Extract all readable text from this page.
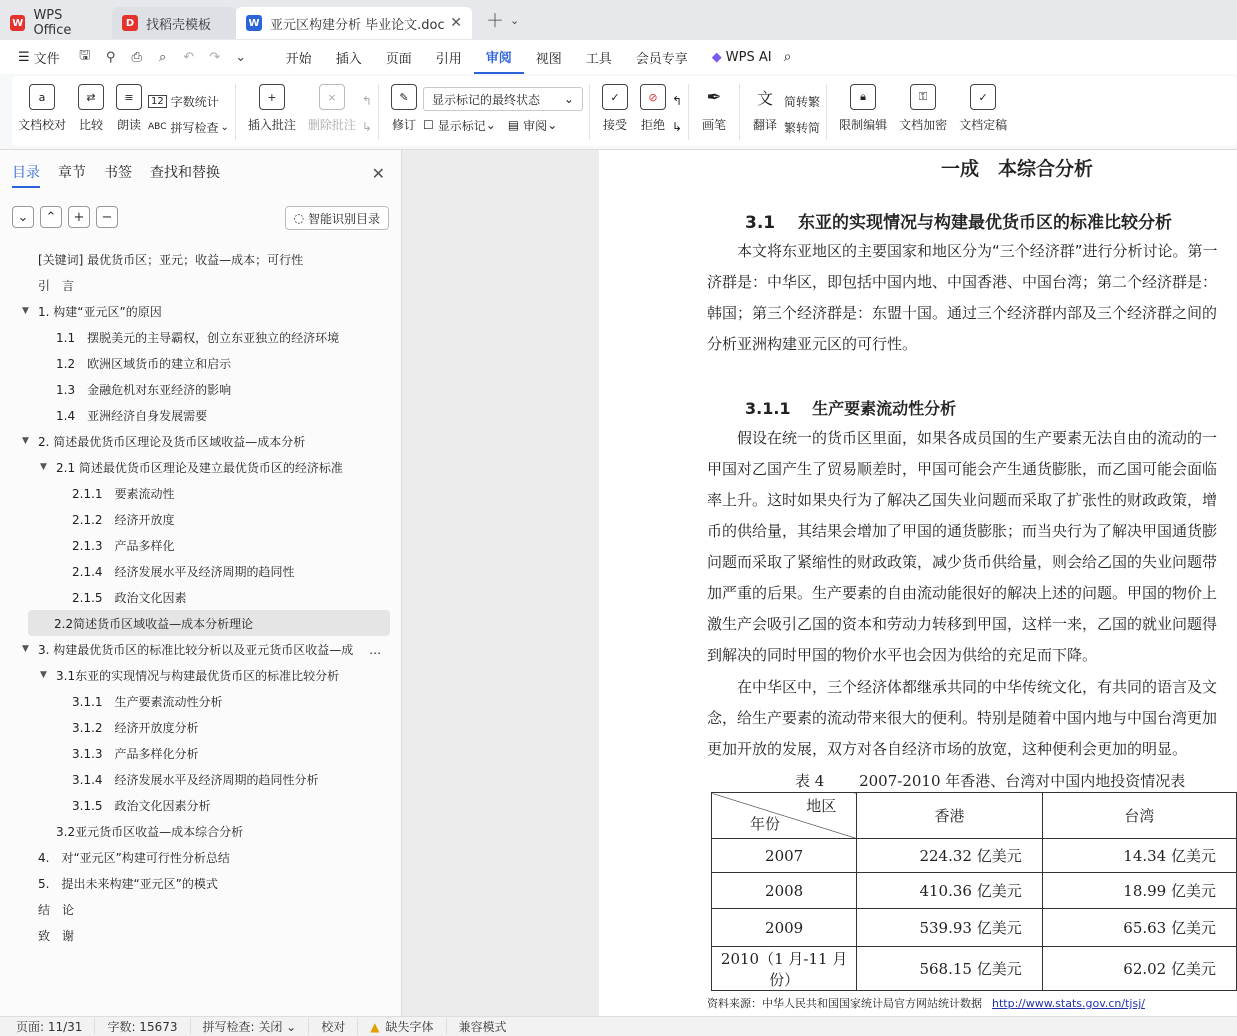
W WPS Office	D 找稻壳模板	W 亚元区构建分析 毕业论文.doc ✕ ＋ ⌄
☰ 文件	🖫	⚲	⎙	⌕	↶	↷	⌄	开始	插入	页面	引用	审阅	视图	工具	会员专享	◆ WPS AI ⌕
a
文档校对
⇄
比较
≡
朗读
12 字数统计
ABC 拼写检查 ⌄
+
插入批注
×
删除批注
↰
↳
✎
修订
显示标记的最终状态 ⌄
☐ 显示标记 ⌄ ▤ 审阅 ⌄
✓
接受
⊘
拒绝
↰
↳
✒
画笔
文
翻译
简转繁
繁转简
🔒︎
限制编辑
⚿
文档加密
✓
文档定稿
目录 章节 书签 查找和替换	✕
⌄	⌃	+	−	◌ 智能识别目录
[关键词] 最优货币区；亚元；收益—成本；可行性
引　言
▼ 1. 构建“亚元区”的原因
1.1　摆脱美元的主导霸权，创立东亚独立的经济环境
1.2　欧洲区域货币的建立和启示
1.3　金融危机对东亚经济的影响
1.4　亚洲经济自身发展需要
▼ 2. 简述最优货币区理论及货币区域收益—成本分析
▼ 2.1 简述最优货币区理论及建立最优货币区的经济标准
2.1.1　要素流动性
2.1.2　经济开放度
2.1.3　产品多样化
2.1.4　经济发展水平及经济周期的趋同性
2.1.5　政治文化因素
2.2简述货币区域收益—成本分析理论
▼ 3. 构建最优货币区的标准比较分析以及亚元货币区收益—成　 …
▼ 3.1东亚的实现情况与构建最优货币区的标准比较分析
3.1.1　生产要素流动性分析
3.1.2　经济开放度分析
3.1.3　产品多样化分析
3.1.4　经济发展水平及经济周期的趋同性分析
3.1.5　政治文化因素分析
3.2亚元货币区收益—成本综合分析
4.　对“亚元区”构建可行性分析总结
5.　提出未来构建“亚元区”的模式
结　论
致　谢
一成　本综合分析
3.1　 东亚的实现情况与构建最优货币区的标准比较分析
　　本文将东亚地区的主要国家和地区分为“三个经济群”进行分析讨论。第一
济群是：中华区，即包括中国内地、中国香港、中国台湾；第二个经济群是：
韩国；第三个经济群是：东盟十国。通过三个经济群内部及三个经济群之间的
分析亚洲构建亚元区的可行性。
3.1.1　 生产要素流动性分析
　　假设在统一的货币区里面，如果各成员国的生产要素无法自由的流动的一
甲国对乙国产生了贸易顺差时，甲国可能会产生通货膨胀，而乙国可能会面临
率上升。这时如果央行为了解决乙国失业问题而采取了扩张性的财政政策，增
币的供给量，其结果会增加了甲国的通货膨胀；而当央行为了解决甲国通货膨
问题而采取了紧缩性的财政政策，减少货币供给量，则会给乙国的失业问题带
加严重的后果。生产要素的自由流动能很好的解决上述的问题。甲国的物价上
激生产会吸引乙国的资本和劳动力转移到甲国，这样一来，乙国的就业问题得
到解决的同时甲国的物价水平也会因为供给的充足而下降。
　　在中华区中，三个经济体都继承共同的中华传统文化，有共同的语言及文
念，给生产要素的流动带来很大的便利。特别是随着中国内地与中国台湾更加
更加开放的发展，双方对各自经济市场的放宽，这种便利会更加的明显。
表 4　　 2007-2010 年香港、台湾对中国内地投资情况表
地区
年份	香港	台湾
2007	224.32 亿美元	14.34 亿美元
2008	410.36 亿美元	18.99 亿美元
2009	539.93 亿美元	65.63 亿美元
2010（1 月-11 月份）	568.15 亿美元	62.02 亿美元
资料来源：中华人民共和国国家统计局官方网站统计数据 http://www.stats.gov.cn/tjsj/
页面: 11/31	字数: 15673	拼写检查: 关闭 ⌄	校对	▲ 缺失字体	兼容模式
